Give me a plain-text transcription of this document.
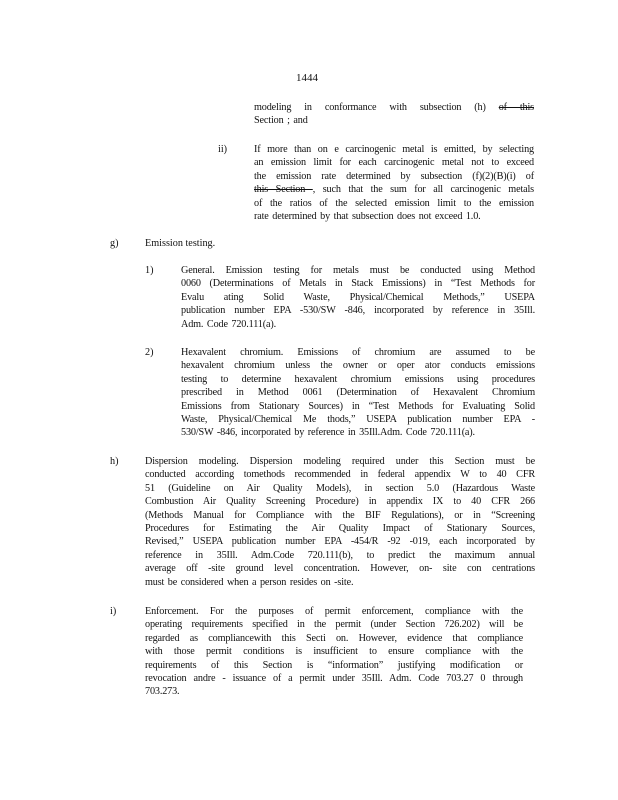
1444
modeling in conformance with subsection (h) of this
Section ; and
ii)	If more than on e carcinogenic metal is emitted, by selecting
an emission limit for each carcinogenic metal not to exceed
the emission rate determined by subsection (f)(2)(B)(i) of
this Section , such that the sum for all carcinogenic metals
of the ratios of the selected emission limit to the emission
rate determined by that subsection does not exceed 1.0.
g)	Emission testing.
1)	General. Emission testing for metals must be conducted using Method
0060 (Determinations of Metals in Stack Emissions) in “Test Methods for
Evalu ating Solid Waste, Physical/Chemical Methods,” USEPA
publication number EPA -530/SW -846, incorporated by reference in 35Ill.
Adm. Code 720.111(a).
2)	Hexavalent chromium. Emissions of chromium are assumed to be
hexavalent chromium unless the owner or oper ator conducts emissions
testing to determine hexavalent chromium emissions using procedures
prescribed in Method 0061 (Determination of Hexavalent Chromium
Emissions from Stationary Sources) in “Test Methods for Evaluating Solid
Waste, Physical/Chemical Me thods,” USEPA publication number EPA -
530/SW -846, incorporated by reference in 35Ill.Adm. Code 720.111(a).
h)	Dispersion modeling. Dispersion modeling required under this Section must be
conducted according tomethods recommended in federal appendix W to 40 CFR
51 (Guideline on Air Quality Models), in section 5.0 (Hazardous Waste
Combustion Air Quality Screening Procedure) in appendix IX to 40 CFR 266
(Methods Manual for Compliance with the BIF Regulations), or in “Screening
Procedures for Estimating the Air Quality Impact of Stationary Sources,
Revised,” USEPA publication number EPA -454/R -92 -019, each incorporated by
reference in 35Ill. Adm.Code 720.111(b), to predict the maximum annual
average off -site ground level concentration. However, on- site con centrations
must be considered when a person resides on -site.
i)	Enforcement. For the purposes of permit enforcement, compliance with the
operating requirements specified in the permit (under Section 726.202) will be
regarded as compliancewith this Secti on. However, evidence that compliance
with those permit conditions is insufficient to ensure compliance with the
requirements of this Section is “information” justifying modification or
revocation andre - issuance of a permit under 35Ill. Adm. Code 703.27 0 through
703.273.
